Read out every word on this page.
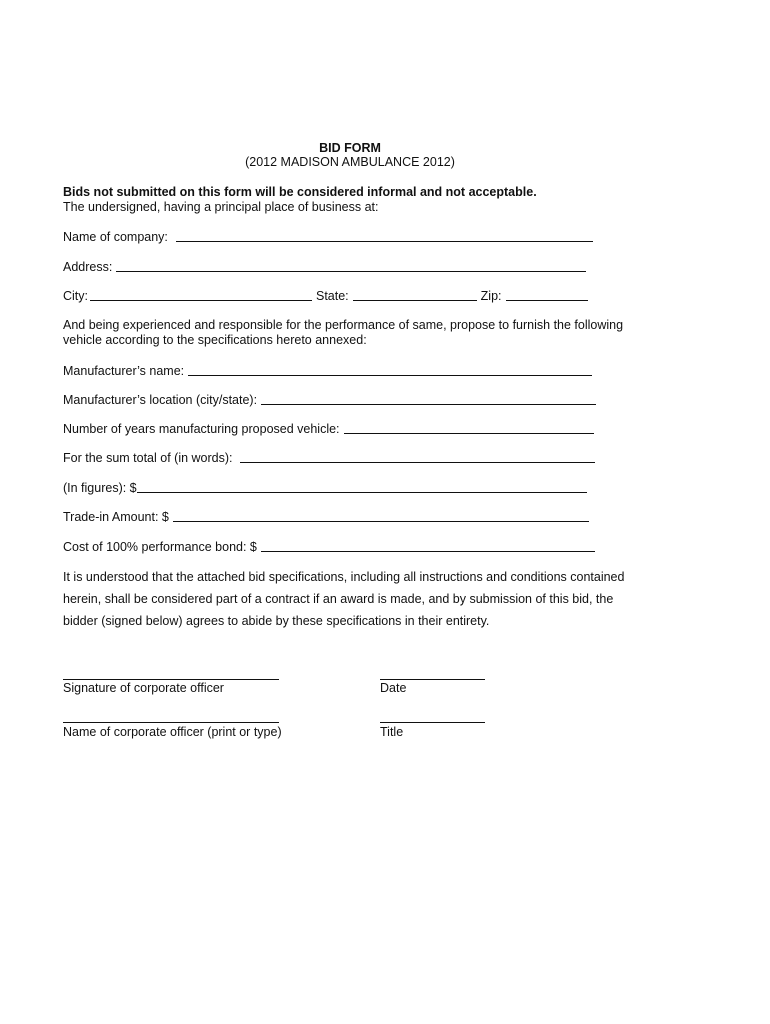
BID FORM
(2012 MADISON AMBULANCE 2012)
Bids not submitted on this form will be considered informal and not acceptable.
The undersigned, having a principal place of business at:
Name of company:
Address:
City:	State:	Zip:
And being experienced and responsible for the performance of same, propose to furnish the following vehicle according to the specifications hereto annexed:
Manufacturer’s name:
Manufacturer’s location (city/state):
Number of years manufacturing proposed vehicle:
For the sum total of (in words):
(In figures): $
Trade-in Amount: $
Cost of 100% performance bond: $
It is understood that the attached bid specifications, including all instructions and conditions contained herein, shall be considered part of a contract if an award is made, and by submission of this bid, the bidder (signed below) agrees to abide by these specifications in their entirety.
Signature of corporate officer	Date
Name of corporate officer (print or type)	Title
